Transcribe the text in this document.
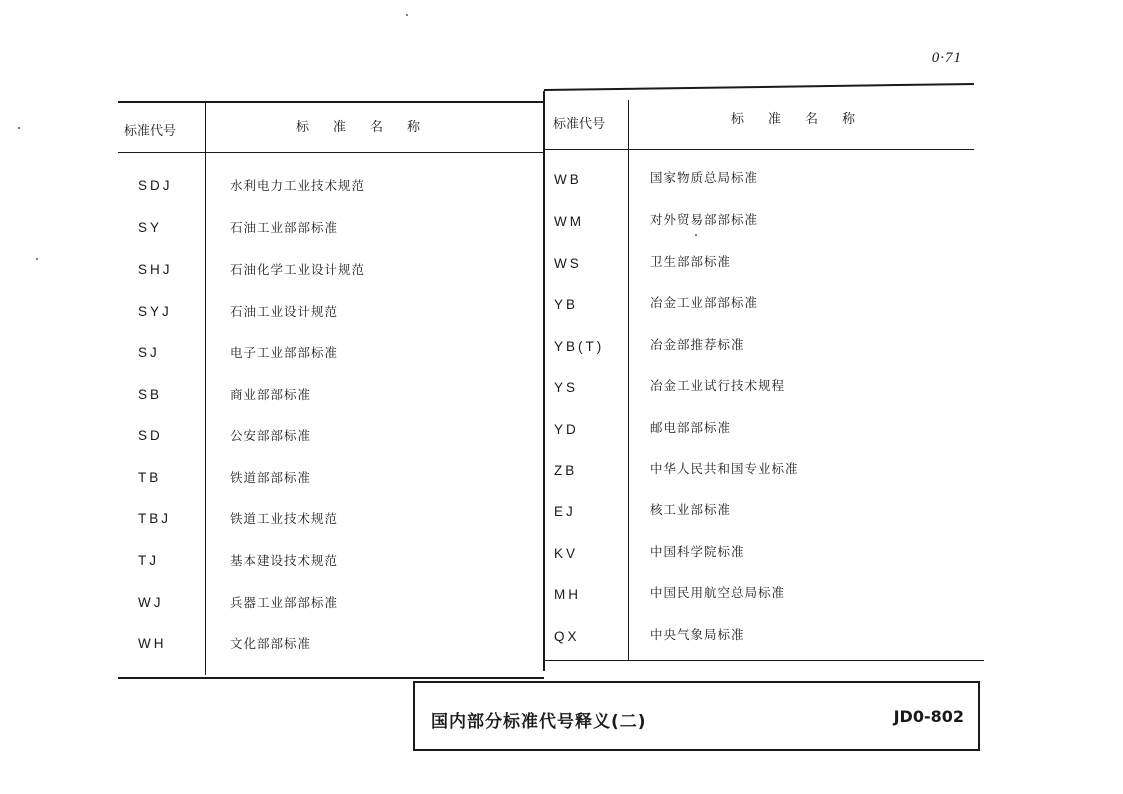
0·71
标准代号	标准名称	标准代号	标准名称
SDJ	水利电力工业技术规范
SY	石油工业部部标准
SHJ	石油化学工业设计规范
SYJ	石油工业设计规范
SJ	电子工业部部标准
SB	商业部部标准
SD	公安部部标准
TB	铁道部部标准
TBJ	铁道工业技术规范
TJ	基本建设技术规范
WJ	兵器工业部部标准
WH	文化部部标准
WB	国家物质总局标准
WM	对外贸易部部标准
WS	卫生部部标准
YB	冶金工业部部标准
YB(T)	冶金部推荐标准
YS	冶金工业试行技术规程
YD	邮电部部标准
ZB	中华人民共和国专业标准
EJ	核工业部标准
KV	中国科学院标准
MH	中国民用航空总局标准
QX	中央气象局标准
国内部分标准代号释义(二)	JD0-802
